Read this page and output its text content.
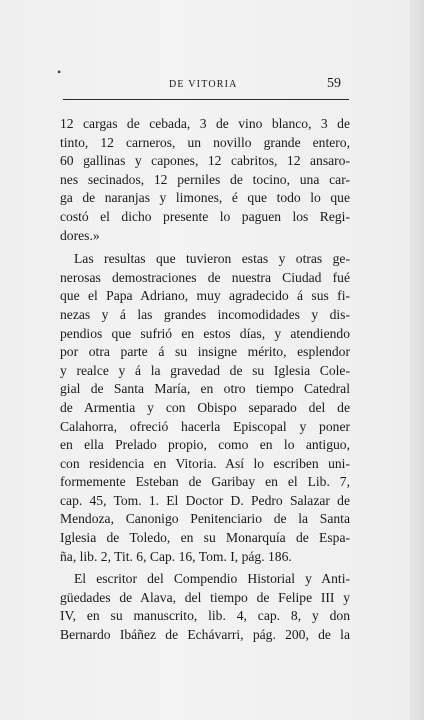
•
DE VITORIA	59
12 cargas de cebada, 3 de vino blanco, 3 de
tinto, 12 carneros, un novillo grande entero,
60 gallinas y capones, 12 cabritos, 12 ansaro-
nes secinados, 12 perniles de tocino, una car-
ga de naranjas y limones, é que todo lo que
costó el dicho presente lo paguen los Regi-
dores.»
Las resultas que tuvieron estas y otras ge-
nerosas demostraciones de nuestra Ciudad fué
que el Papa Adriano, muy agradecido á sus fi-
nezas y á las grandes incomodidades y dis-
pendios que sufrió en estos días, y atendiendo
por otra parte á su insigne mérito, esplendor
y realce y á la gravedad de su Iglesia Cole-
gial de Santa María, en otro tiempo Catedral
de Armentia y con Obispo separado del de
Calahorra, ofreció hacerla Episcopal y poner
en ella Prelado propio, como en lo antiguo,
con residencia en Vitoria. Así lo escriben uni-
formemente Esteban de Garibay en el Lib. 7,
cap. 45, Tom. 1. El Doctor D. Pedro Salazar de
Mendoza, Canonigo Penitenciario de la Santa
Iglesia de Toledo, en su Monarquía de Espa-
ña, lib. 2, Tit. 6, Cap. 16, Tom. I, pág. 186.
El escritor del Compendio Historial y Anti-
güedades de Alava, del tiempo de Felipe III y
IV, en su manuscrito, lib. 4, cap. 8, y don
Bernardo Ibáñez de Echávarri, pág. 200, de la
